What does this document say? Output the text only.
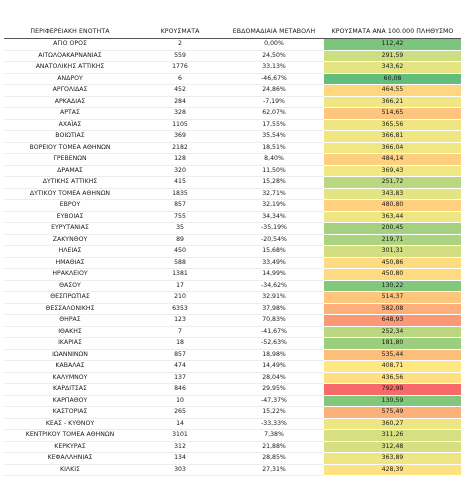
ΠΕΡΙΦΕΡΕΙΑΚΗ ΕΝΟΤΗΤΑ	ΚΡΟΥΣΜΑΤΑ	ΕΒΔΟΜΑΔΙΑΙΑ ΜΕΤΑΒΟΛΗ	ΚΡΟΥΣΜΑΤΑ ΑΝΑ 100.000 ΠΛΗΘΥΣΜΟ
ΑΓΙΟ ΟΡΟΣ	2	0,00%	112,42
ΑΙΤΩΛΟΑΚΑΡΝΑΝΙΑΣ	559	24,50%	291,59
ΑΝΑΤΟΛΙΚΗΣ ΑΤΤΙΚΗΣ	1776	33,13%	343,62
ΑΝΔΡΟΥ	6	-46,67%	60,08
ΑΡΓΟΛΙΔΑΣ	452	24,86%	464,55
ΑΡΚΑΔΙΑΣ	284	-7,19%	366,21
ΑΡΤΑΣ	328	62,07%	514,65
ΑΧΑΪΑΣ	1105	17,55%	365,56
ΒΟΙΩΤΙΑΣ	369	35,54%	366,81
ΒΟΡΕΙΟΥ ΤΟΜΕΑ ΑΘΗΝΩΝ	2182	18,51%	366,04
ΓΡΕΒΕΝΩΝ	128	8,40%	484,14
ΔΡΑΜΑΣ	320	11,50%	369,43
ΔΥΤΙΚΗΣ ΑΤΤΙΚΗΣ	415	15,28%	251,72
ΔΥΤΙΚΟΥ ΤΟΜΕΑ ΑΘΗΝΩΝ	1835	32,71%	343,83
ΕΒΡΟΥ	857	32,19%	480,80
ΕΥΒΟΙΑΣ	755	34,34%	363,44
ΕΥΡΥΤΑΝΙΑΣ	35	-35,19%	200,45
ΖΑΚΥΝΘΟΥ	89	-20,54%	219,71
ΗΛΕΙΑΣ	450	15,68%	301,31
ΗΜΑΘΙΑΣ	588	33,49%	450,86
ΗΡΑΚΛΕΙΟΥ	1381	14,99%	450,80
ΘΑΣΟΥ	17	-34,62%	130,22
ΘΕΣΠΡΩΤΙΑΣ	210	32,91%	514,37
ΘΕΣΣΑΛΟΝΙΚΗΣ	6353	37,98%	582,08
ΘΗΡΑΣ	123	70,83%	648,93
ΙΘΑΚΗΣ	7	-41,67%	252,34
ΙΚΑΡΙΑΣ	18	-52,63%	181,80
ΙΩΑΝΝΙΝΩΝ	857	18,98%	535,44
ΚΑΒΑΛΑΣ	474	14,49%	408,71
ΚΑΛΥΜΝΟΥ	137	28,04%	436,56
ΚΑΡΔΙΤΣΑΣ	846	29,95%	792,99
ΚΑΡΠΑΘΟΥ	10	-47,37%	130,59
ΚΑΣΤΟΡΙΑΣ	265	15,22%	575,49
ΚΕΑΣ - ΚΥΘΝΟΥ	14	-33,33%	360,27
ΚΕΝΤΡΙΚΟΥ ΤΟΜΕΑ ΑΘΗΝΩΝ	3101	7,38%	311,26
ΚΕΡΚΥΡΑΣ	312	21,88%	312,48
ΚΕΦΑΛΛΗΝΙΑΣ	134	28,85%	363,89
ΚΙΛΚΙΣ	303	27,31%	428,39
